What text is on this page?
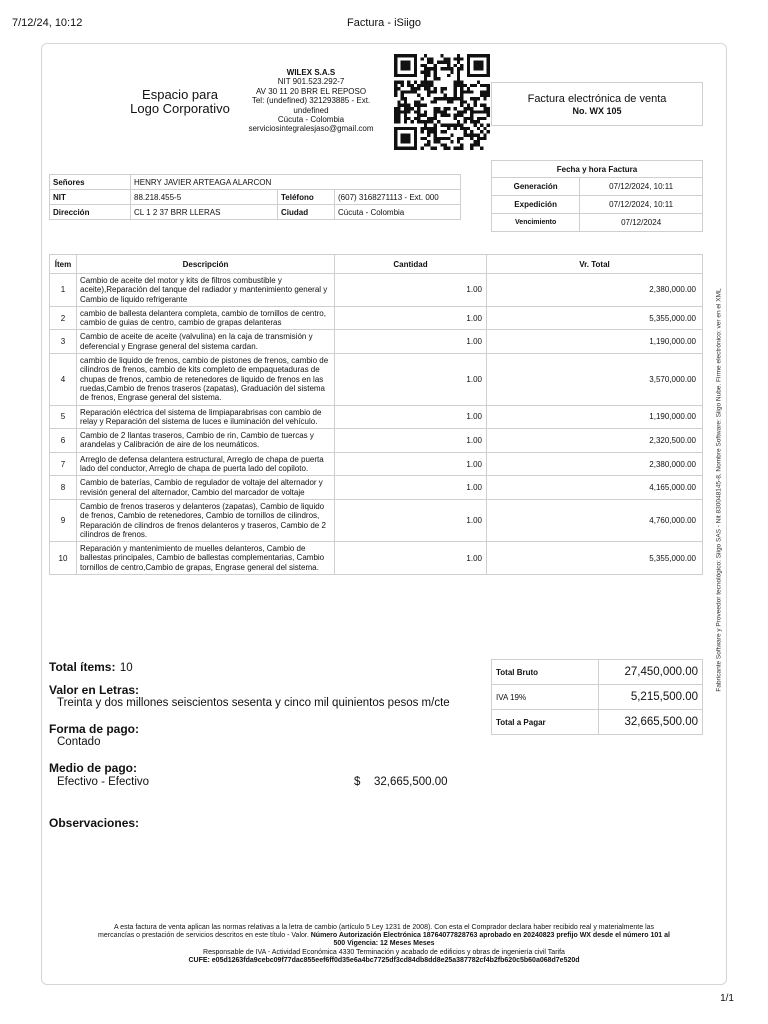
7/12/24, 10:12	Factura - iSiigo
Espacio para
Logo Corporativo
WILEX S.A.S
NIT 901.523.292-7
AV 30 11 20 BRR EL REPOSO
Tel: (undefined) 321293885 - Ext.
undefined
Cúcuta - Colombia
serviciosintegralesjaso@gmail.com
Factura electrónica de venta
No. WX 105
Fecha y hora Factura	
Generación	07/12/2024, 10:11
Expedición	07/12/2024, 10:11
Vencimiento	07/12/2024
Señores	HENRY JAVIER ARTEAGA ALARCON		
NIT	88.218.455-5	Teléfono	(607) 3168271113 - Ext. 000
Dirección	CL 1 2 37 BRR LLERAS	Ciudad	Cúcuta - Colombia
Ítem	Descripción	Cantidad	Vr. Total
1	Cambio de aceite del motor y kits de filtros combustible y aceite),Reparación del tanque del radiador y mantenimiento general y Cambio de liquido refrigerante	1.00	2,380,000.00
2	cambio de ballesta delantera completa, cambio de tornillos de centro, cambio de guias de centro, cambio de grapas delanteras	1.00	5,355,000.00
3	Cambio de aceite de aceite (valvulina) en la caja de transmisión y deferencial y Engrase general del sistema cardan.	1.00	1,190,000.00
4	cambio de liquido de frenos, cambio de pistones de frenos, cambio de cilindros de frenos, cambio de kits completo de empaquetaduras de chupas de frenos, cambio de retenedores de liquido de frenos en las ruedas,Cambio de frenos traseros (zapatas), Graduación del sistema de frenos, Engrase general del sistema.	1.00	3,570,000.00
5	Reparación eléctrica del sistema de limpiaparabrisas con cambio de relay y Reparación del sistema de luces e iluminación del vehículo.	1.00	1,190,000.00
6	Cambio de 2 llantas traseros, Cambio de rin, Cambio de tuercas y arandelas y Calibración de aire de los neumáticos.	1.00	2,320,500.00
7	Arreglo de defensa delantera estructural, Arreglo de chapa de puerta lado del conductor, Arreglo de chapa de puerta lado del copiloto.	1.00	2,380,000.00
8	Cambio de baterías, Cambio de regulador de voltaje del alternador y revisión general del alternador, Cambio del marcador de voltaje	1.00	4,165,000.00
9	Cambio de frenos traseros y delanteros (zapatas), Cambio de liquido de frenos, Cambio de retenedores, Cambio de tornillos de cilindros, Reparación de cilindros de frenos delanteros y traseros, Cambio de 2 cilindros de frenos.	1.00	4,760,000.00
10	Reparación y mantenimiento de muelles delanteros, Cambio de ballestas principales, Cambio de ballestas complementarias, Cambio tornillos de centro,Cambio de grapas, Engrase general del sistema.	1.00	5,355,000.00
Total ítems: 10
Valor en Letras:
Treinta y dos millones seiscientos sesenta y cinco mil quinientos pesos m/cte
Forma de pago:
Contado
Medio de pago:
Efectivo - Efectivo	$ 32,665,500.00
Observaciones:
Total Bruto	27,450,000.00
IVA 19%	5,215,500.00
Total a Pagar	32,665,500.00
Fabricante Software y Proveedor tecnológico: Siigo SAS - Nit 830048145-8, Nombre Software: Siigo Nube. Firme electrónico: ver en el XML
A esta factura de venta aplican las normas relativas a la letra de cambio (artículo 5 Ley 1231 de 2008). Con esta el Comprador declara haber recibido real y materialmente las
mercancías o prestación de servicios descritos en este título - Valor. Número Autorización Electrónica 18764077828763 aprobado en 20240823 prefijo WX desde el número 101 al
500 Vigencia: 12 Meses Meses
Responsable de IVA - Actividad Económica 4330 Terminación y acabado de edificios y obras de ingeniería civil Tarifa
CUFE: e05d1263fda9cebc09f77dac855eef6ff0d35e6a4bc7725df3cd84db8dd8e25a387782cf4b2fb620c5b60a068d7e520d
1/1
